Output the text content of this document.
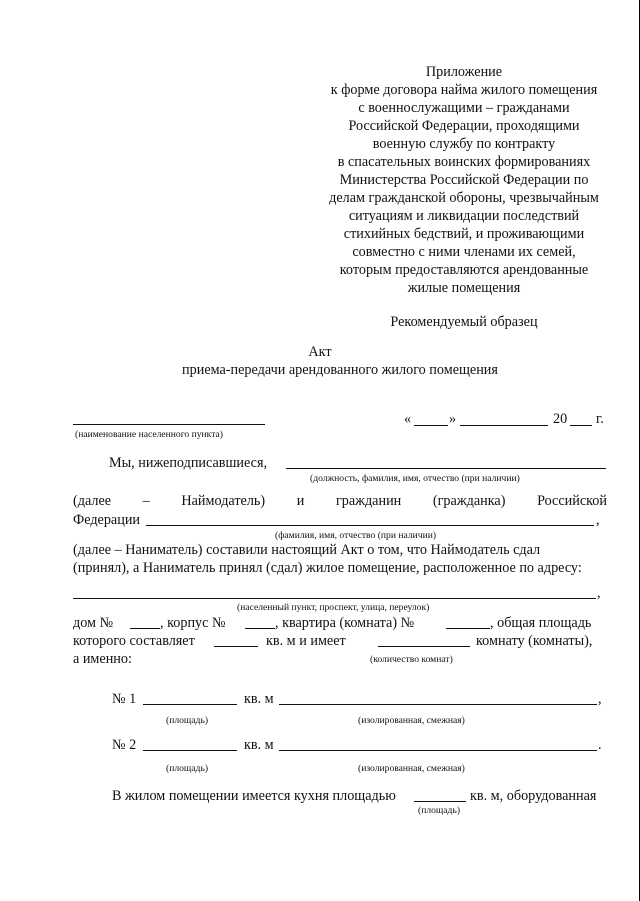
Приложение
к форме договора найма жилого помещения
с военнослужащими – гражданами
Российской Федерации, проходящими
военную службу по контракту
в спасательных воинских формированиях
Министерства Российской Федерации по
делам гражданской обороны, чрезвычайным
ситуациям и ликвидации последствий
стихийных бедствий, и проживающими
совместно с ними членами их семей,
которым предоставляются арендованные
жилые помещения
Рекомендуемый образец
Акт
приема-передачи арендованного жилого помещения
(наименование населенного пункта)
«	»	20 г.
Мы, нижеподписавшиеся,
(должность, фамилия, имя, отчество (при наличии)
(далее – Наймодатель) и гражданин (гражданка) Российской
Федерации	,
(фамилия, имя, отчество (при наличии)
(далее – Наниматель) составили настоящий Акт о том, что Наймодатель сдал
(принял), а Наниматель принял (сдал) жилое помещение, расположенное по адресу:
,
(населенный пункт, проспект, улица, переулок)
дом №	, корпус №	, квартира (комната) №	, общая площадь
которого составляет	кв. м и имеет	комнату (комнаты),
а именно:	(количество комнат)
№ 1	кв. м	,
(площадь)	(изолированная, смежная)
№ 2	кв. м	.
(площадь)	(изолированная, смежная)
В жилом помещении имеется кухня площадью	кв. м, оборудованная
(площадь)
